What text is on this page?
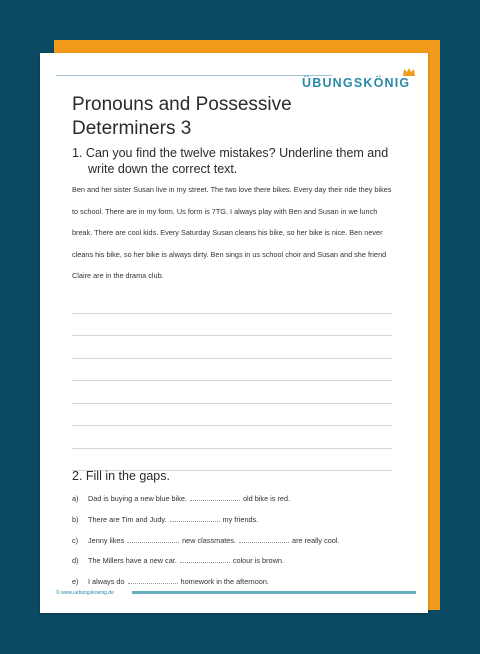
ÜBUNGSKÖNIG
Pronouns and Possessive
Determiners 3
1. Can you find the twelve mistakes? Underline them and
write down the correct text.
Ben and her sister Susan live in my street. The two love there bikes. Every day their ride they bikes to school. There are in my form. Us form is 7TG. I always play with Ben and Susan in we lunch break. There are cool kids. Every Saturday Susan cleans his bike, so her bike is nice. Ben never cleans his bike, so her bike is always dirty. Ben sings in us school choir and Susan and she friend Claire are in the drama club.
2. Fill in the gaps.
a) Dad is buying a new blue bike.	old bike is red.
b) There are Tim and Judy.	my friends.
c) Jenny likes	new classmates.	are really cool.
d) The Millers have a new car.	colour is brown.
e) I always do	homework in the afternoon.
© www.uebungskoenig.de
